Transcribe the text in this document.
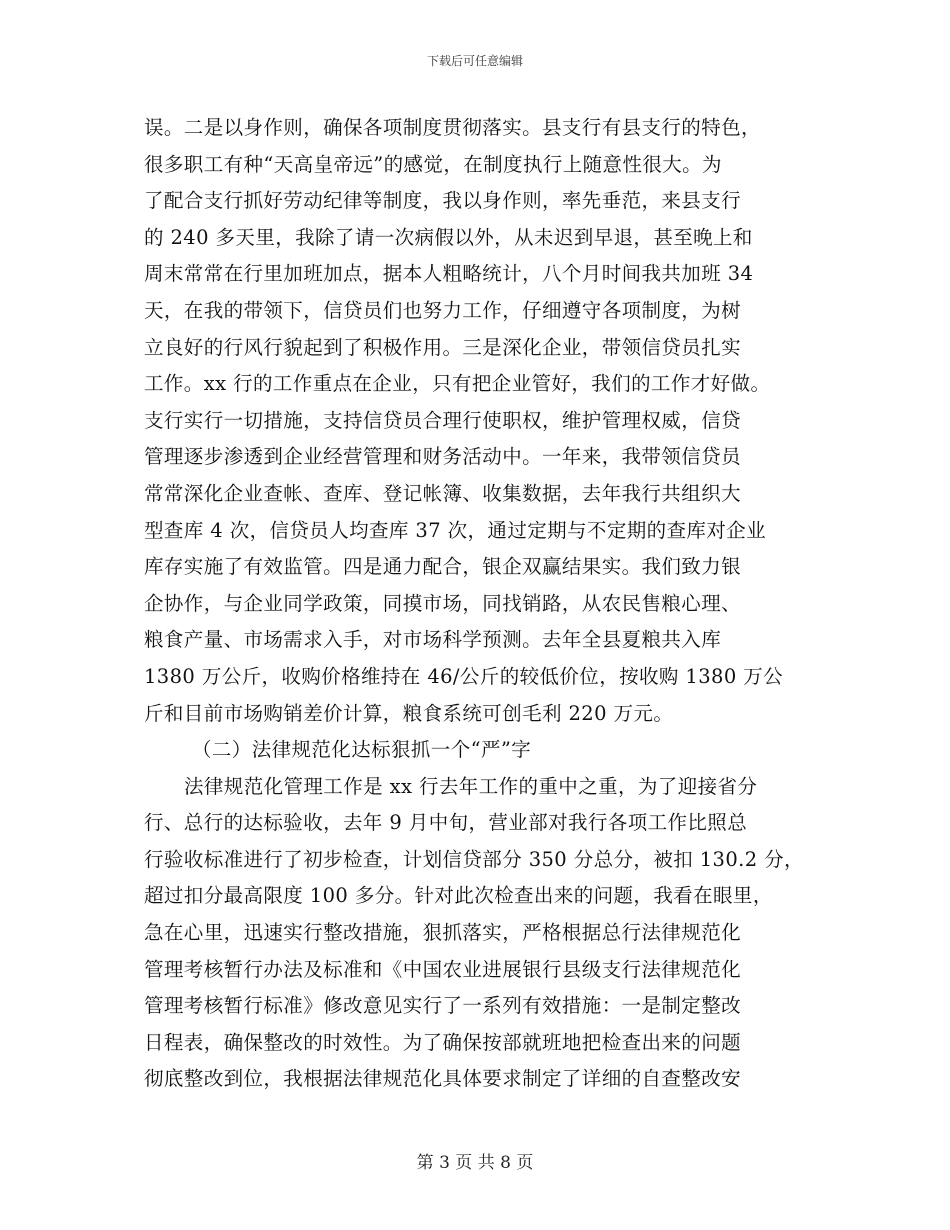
下载后可任意编辑
误。二是以身作则，确保各项制度贯彻落实。县支行有县支行的特色，
很多职工有种“天高皇帝远”的感觉，在制度执行上随意性很大。为
了配合支行抓好劳动纪律等制度，我以身作则，率先垂范，来县支行
的 240 多天里，我除了请一次病假以外，从未迟到早退，甚至晚上和
周末常常在行里加班加点，据本人粗略统计，八个月时间我共加班 34
天，在我的带领下，信贷员们也努力工作，仔细遵守各项制度，为树
立良好的行风行貌起到了积极作用。三是深化企业，带领信贷员扎实
工作。xx 行的工作重点在企业，只有把企业管好，我们的工作才好做。
支行实行一切措施，支持信贷员合理行使职权，维护管理权威，信贷
管理逐步渗透到企业经营管理和财务活动中。一年来，我带领信贷员
常常深化企业查帐、查库、登记帐簿、收集数据，去年我行共组织大
型查库 4 次，信贷员人均查库 37 次，通过定期与不定期的查库对企业
库存实施了有效监管。四是通力配合，银企双赢结果实。我们致力银
企协作，与企业同学政策，同摸市场，同找销路，从农民售粮心理、
粮食产量、市场需求入手，对市场科学预测。去年全县夏粮共入库
1380 万公斤，收购价格维持在 46/公斤的较低价位，按收购 1380 万公
斤和目前市场购销差价计算，粮食系统可创毛利 220 万元。
（二）法律规范化达标狠抓一个“严”字
法律规范化管理工作是 xx 行去年工作的重中之重，为了迎接省分
行、总行的达标验收，去年 9 月中旬，营业部对我行各项工作比照总
行验收标准进行了初步检查，计划信贷部分 350 分总分，被扣 130.2 分，
超过扣分最高限度 100 多分。针对此次检查出来的问题，我看在眼里，
急在心里，迅速实行整改措施，狠抓落实，严格根据总行法律规范化
管理考核暂行办法及标准和《中国农业进展银行县级支行法律规范化
管理考核暂行标准》修改意见实行了一系列有效措施：一是制定整改
日程表，确保整改的时效性。为了确保按部就班地把检查出来的问题
彻底整改到位，我根据法律规范化具体要求制定了详细的自查整改安
第 3 页 共 8 页
